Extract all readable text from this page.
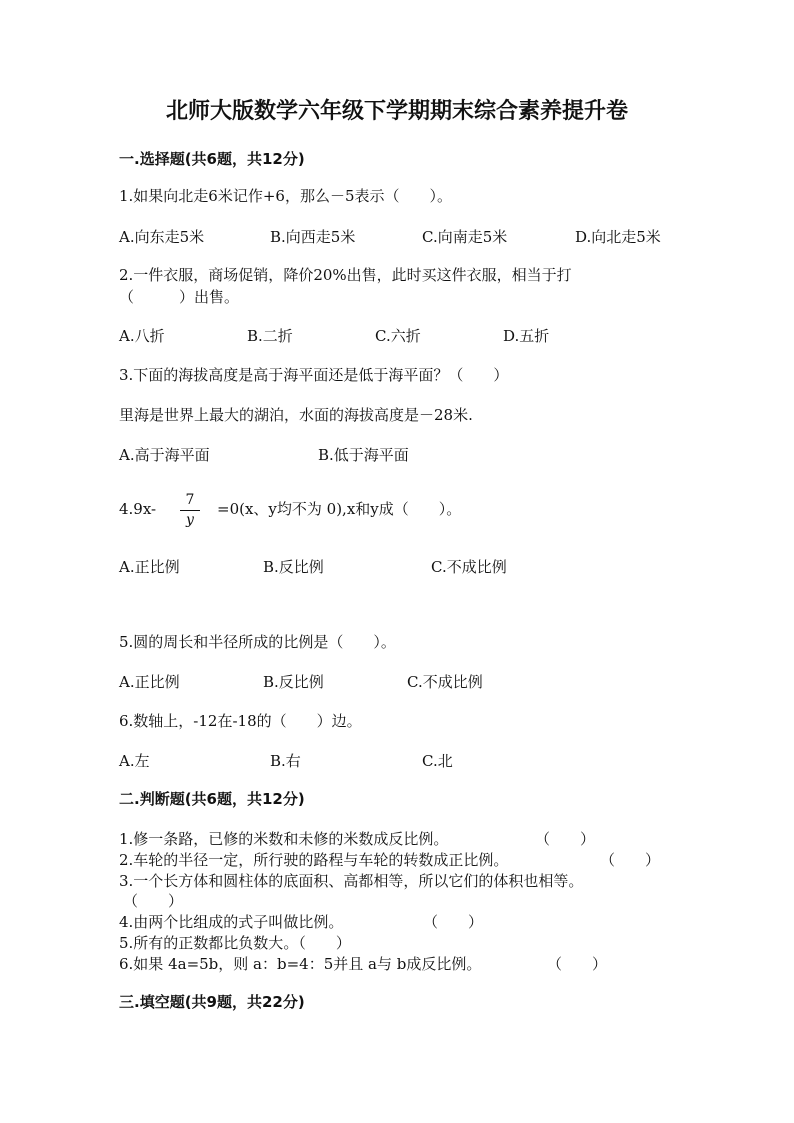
北师大版数学六年级下学期期末综合素养提升卷
一.选择题(共6题，共12分)
1.如果向北走6米记作+6，那么－5表示（　　）。
A.向东走5米	B.向西走5米	C.向南走5米	D.向北走5米
2.一件衣服，商场促销，降价20%出售，此时买这件衣服，相当于打
（　　　）出售。
A.八折	B.二折	C.六折	D.五折
3.下面的海拔高度是高于海平面还是低于海平面？（　　）
里海是世界上最大的湖泊，水面的海拔高度是－28米.
A.高于海平面	B.低于海平面
4.9x-	7
y
=0(x、y均不为 0),x和y成（　　）。
A.正比例	B.反比例	C.不成比例
5.圆的周长和半径所成的比例是（　　）。
A.正比例	B.反比例	C.不成比例
6.数轴上，-12在-18的（　　）边。
A.左	B.右	C.北
二.判断题(共6题，共12分)
1.修一条路，已修的米数和未修的米数成反比例。	（　　）
2.车轮的半径一定，所行驶的路程与车轮的转数成正比例。	（　　）
3.一个长方体和圆柱体的底面积、高都相等，所以它们的体积也相等。
（　　）
4.由两个比组成的式子叫做比例。	（　　）
5.所有的正数都比负数大。（　　）
6.如果 4a=5b，则 a：b=4：5并且 a与 b成反比例。	（　　）
三.填空题(共9题，共22分)
